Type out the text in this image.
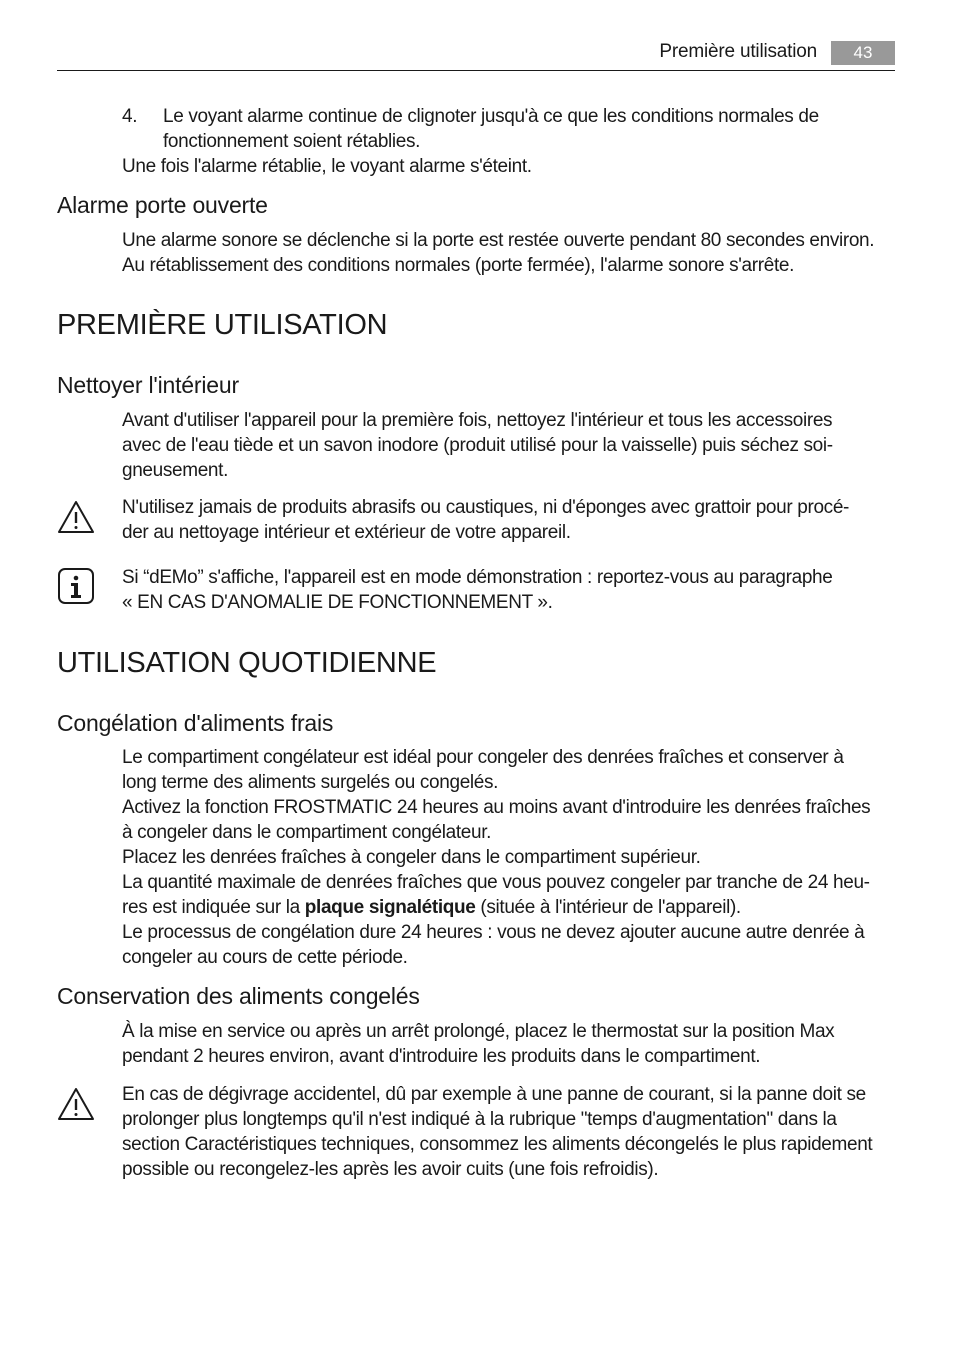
Première utilisation	43
4. Le voyant alarme continue de clignoter jusqu'à ce que les conditions normales de
fonctionnement soient rétablies.
Une fois l'alarme rétablie, le voyant alarme s'éteint.
Alarme porte ouverte
Une alarme sonore se déclenche si la porte est restée ouverte pendant 80 secondes environ.
Au rétablissement des conditions normales (porte fermée), l'alarme sonore s'arrête.
PREMIÈRE UTILISATION
Nettoyer l'intérieur
Avant d'utiliser l'appareil pour la première fois, nettoyez l'intérieur et tous les accessoires
avec de l'eau tiède et un savon inodore (produit utilisé pour la vaisselle) puis séchez soi-
gneusement.
N'utilisez jamais de produits abrasifs ou caustiques, ni d'éponges avec grattoir pour procé-
der au nettoyage intérieur et extérieur de votre appareil.
Si “dEMo” s'affiche, l'appareil est en mode démonstration : reportez-vous au paragraphe
« EN CAS D'ANOMALIE DE FONCTIONNEMENT ».
UTILISATION QUOTIDIENNE
Congélation d'aliments frais
Le compartiment congélateur est idéal pour congeler des denrées fraîches et conserver à
long terme des aliments surgelés ou congelés.
Activez la fonction FROSTMATIC 24 heures au moins avant d'introduire les denrées fraîches
à congeler dans le compartiment congélateur.
Placez les denrées fraîches à congeler dans le compartiment supérieur.
La quantité maximale de denrées fraîches que vous pouvez congeler par tranche de 24 heu-
res est indiquée sur la plaque signalétique (située à l'intérieur de l'appareil).
Le processus de congélation dure 24 heures : vous ne devez ajouter aucune autre denrée à
congeler au cours de cette période.
Conservation des aliments congelés
À la mise en service ou après un arrêt prolongé, placez le thermostat sur la position Max
pendant 2 heures environ, avant d'introduire les produits dans le compartiment.
En cas de dégivrage accidentel, dû par exemple à une panne de courant, si la panne doit se
prolonger plus longtemps qu'il n'est indiqué à la rubrique "temps d'augmentation" dans la
section Caractéristiques techniques, consommez les aliments décongelés le plus rapidement
possible ou recongelez-les après les avoir cuits (une fois refroidis).
